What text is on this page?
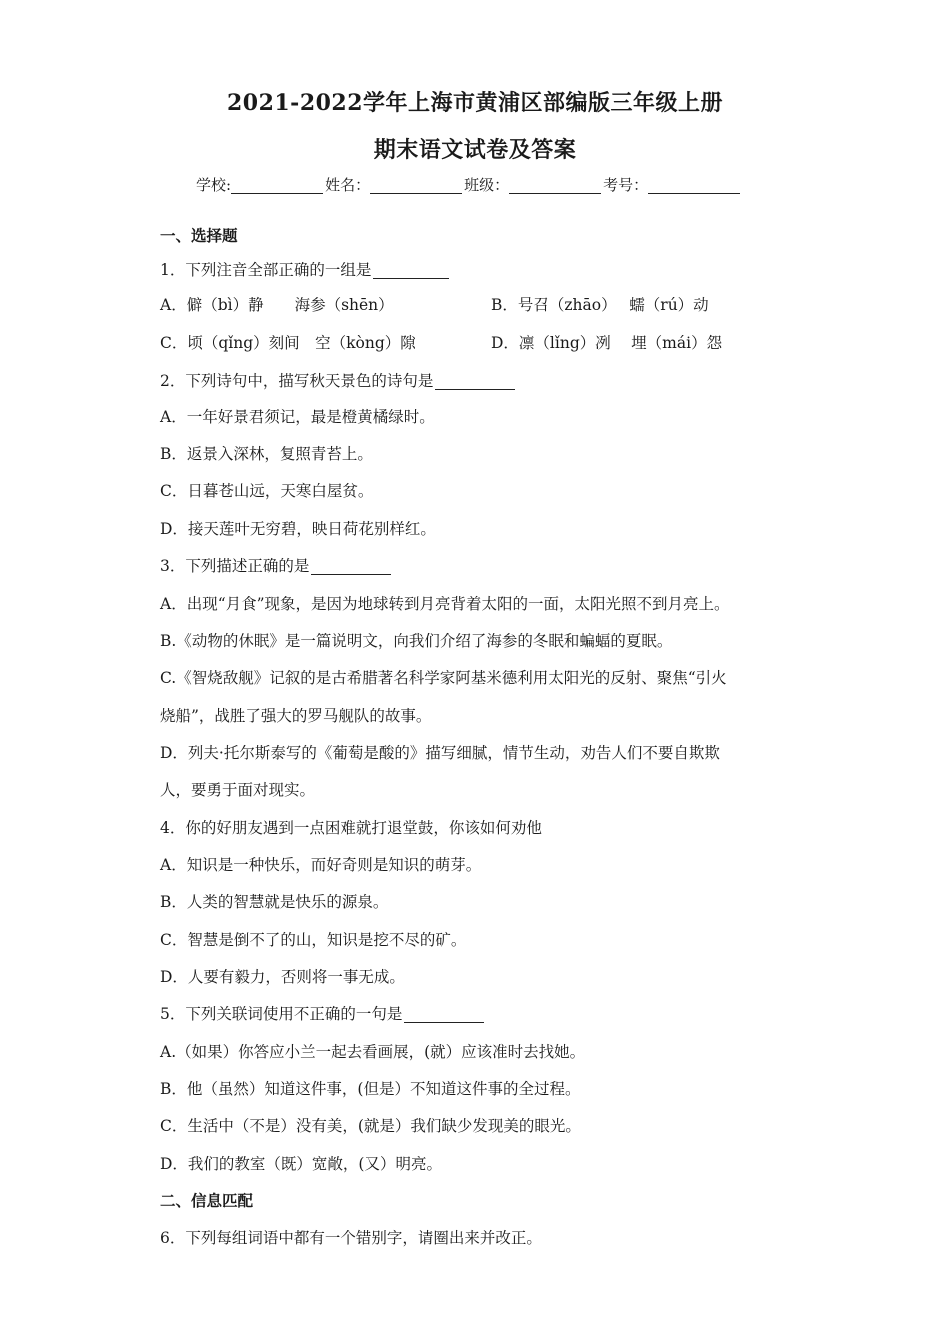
2021-2022学年上海市黄浦区部编版三年级上册
期末语文试卷及答案
学校:	姓名：	班级：	考号：
一、选择题
1．下列注音全部正确的一组是
A．僻（bì）静　　海参（shēn）	B．号召（zhāo）　 蠕（rú）动
C．顷（qǐng）刻间　空（kòng）隙	D．凛（lǐng）冽　 埋（mái）怨
2．下列诗句中，描写秋天景色的诗句是
A．一年好景君须记，最是橙黄橘绿时。
B．返景入深林，复照青苔上。
C．日暮苍山远，天寒白屋贫。
D．接天莲叶无穷碧，映日荷花别样红。
3．下列描述正确的是
A．出现“月食”现象，是因为地球转到月亮背着太阳的一面，太阳光照不到月亮上。
B.《动物的休眠》是一篇说明文，向我们介绍了海参的冬眠和蝙蝠的夏眠。
C.《智烧敌舰》记叙的是古希腊著名科学家阿基米德利用太阳光的反射、聚焦“引火
烧船”，战胜了强大的罗马舰队的故事。
D．列夫·托尔斯泰写的《葡萄是酸的》描写细腻，情节生动，劝告人们不要自欺欺
人，要勇于面对现实。
4．你的好朋友遇到一点困难就打退堂鼓，你该如何劝他
A．知识是一种快乐，而好奇则是知识的萌芽。
B．人类的智慧就是快乐的源泉。
C．智慧是倒不了的山，知识是挖不尽的矿。
D．人要有毅力，否则将一事无成。
5．下列关联词使用不正确的一句是
A.（如果）你答应小兰一起去看画展，(就）应该准时去找她。
B．他（虽然）知道这件事，(但是）不知道这件事的全过程。
C．生活中（不是）没有美，(就是）我们缺少发现美的眼光。
D．我们的教室（既）宽敞，(又）明亮。
二、信息匹配
6．下列每组词语中都有一个错别字，请圈出来并改正。
